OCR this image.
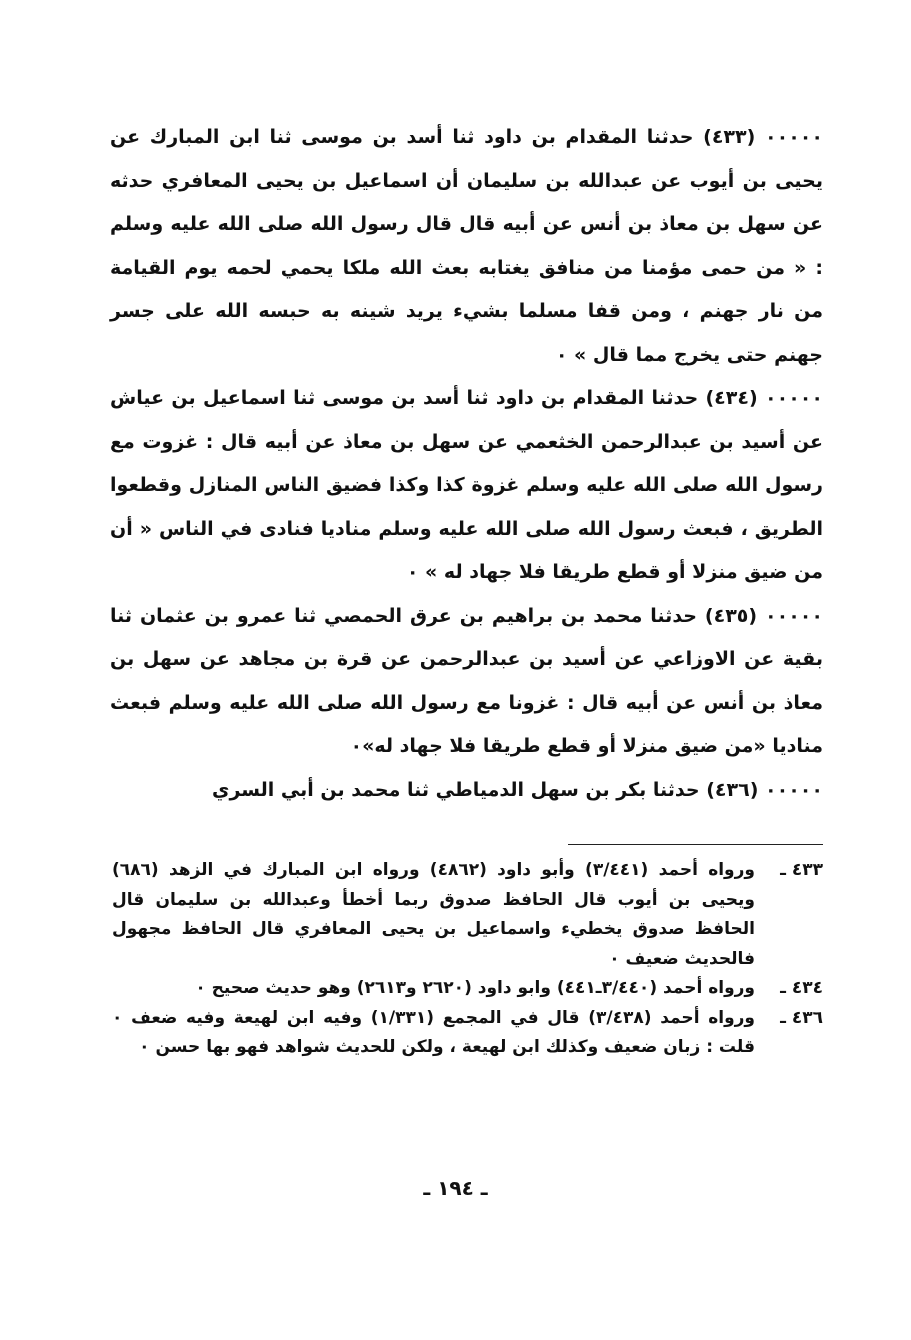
٠٠٠٠٠ (٤٣٣) حدثنا المقدام بن داود ثنا أسد بن موسى ثنا ابن المبارك عن يحيى بن أيوب عن عبدالله بن سليمان أن اسماعيل بن يحيى المعافري حدثه عن سهل بن معاذ بن أنس عن أبيه قال قال رسول الله صلى الله عليه وسلم : « من حمى مؤمنا من منافق يغتابه بعث الله ملكا يحمي لحمه يوم القيامة من نار جهنم ، ومن قفا مسلما بشيء يريد شينه به حبسه الله على جسر جهنم حتى يخرج مما قال » ٠

٠٠٠٠٠ (٤٣٤) حدثنا المقدام بن داود ثنا أسد بن موسى ثنا اسماعيل بن عياش عن أسيد بن عبدالرحمن الخثعمي عن سهل بن معاذ عن أبيه قال : غزوت مع رسول الله صلى الله عليه وسلم غزوة كذا وكذا فضيق الناس المنازل وقطعوا الطريق ، فبعث رسول الله صلى الله عليه وسلم مناديا فنادى في الناس « أن من ضيق منزلا أو قطع طريقا فلا جهاد له » ٠

٠٠٠٠٠ (٤٣٥) حدثنا محمد بن براهيم بن عرق الحمصي ثنا عمرو بن عثمان ثنا بقية عن الاوزاعي عن أسيد بن عبدالرحمن عن قرة بن مجاهد عن سهل بن معاذ بن أنس عن أبيه قال : غزونا مع رسول الله صلى الله عليه وسلم فبعث مناديا «من ضيق منزلا أو قطع طريقا فلا جهاد له»٠

٠٠٠٠٠ (٤٣٦) حدثنا بكر بن سهل الدمياطي ثنا محمد بن أبي السري

٤٣٣ ـ
ورواه أحمد (٣/٤٤١) وأبو داود (٤٨٦٢) ورواه ابن المبارك في الزهد (٦٨٦) ويحيى بن أيوب قال الحافظ صدوق ربما أخطأ وعبدالله بن سليمان قال الحافظ صدوق يخطيء واسماعيل بن يحيى المعافري قال الحافظ مجهول فالحديث ضعيف ٠
٤٣٤ ـ
ورواه أحمد (٣/٤٤٠ـ٤٤١) وابو داود (٢٦٢٠ و٢٦١٣) وهو حديث صحيح ٠
٤٣٦ ـ
ورواه أحمد (٣/٤٣٨) قال في المجمع (١/٣٣١) وفيه ابن لهيعة وفيه ضعف ٠ قلت : زبان ضعيف وكذلك ابن لهيعة ، ولكن للحديث شواهد فهو بها حسن ٠
ـ ١٩٤ ـ
